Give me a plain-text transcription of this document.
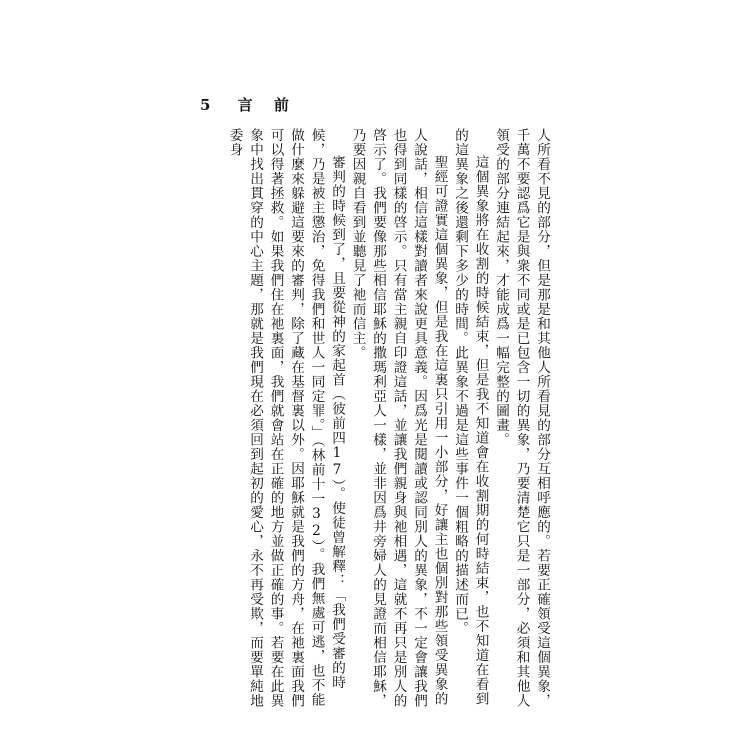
5 言 前

人所看不見的部分，但是那是和其他人所看見的部分互相呼應的。若要正確領受這個異象，千萬不要認爲它是與衆不同或是已包含一切的異象，乃要清楚它只是一部分，必須和其他人領受的部分連結起來，才能成爲一幅完整的圖畫。

這個異象將在收割的時候結束，但是我不知道會在收割期的何時結束，也不知道在看到的這異象之後還剩下多少的時間。此異象不過是這些事件一個粗略的描述而已。

聖經可證實這個異象，但是我在這裏只引用一小部分，好讓主也個別對那些領受異象的人說話，相信這樣對讀者來說更具意義。因爲光是閱讀或認同別人的異象，不一定會讓我們也得到同樣的啓示。只有當主親自印證這話，並讓我們親身與祂相遇，這就不再只是別人的啓示了。我們要像那些相信耶穌的撒瑪利亞人一樣，並非因爲井旁婦人的見證而相信耶穌，乃要因親自看到並聽見了祂而信主。

審判的時候到了，且要從神的家起首（彼前四17）。使徒曾解釋：「我們受審的時候，乃是被主懲治，免得我們和世人一同定罪。」（林前十一32）。我們無處可逃，也不能做什麼來躲避這要來的審判，除了藏在基督裏以外。因耶穌就是我們的方舟，在祂裏面我們可以得著拯救。如果我們住在祂裏面，我們就會站在正確的地方並做正確的事。若要在此異象中找出貫穿的中心主題，那就是我們現在必須回到起初的愛心，永不再受欺，而要單純地委身
